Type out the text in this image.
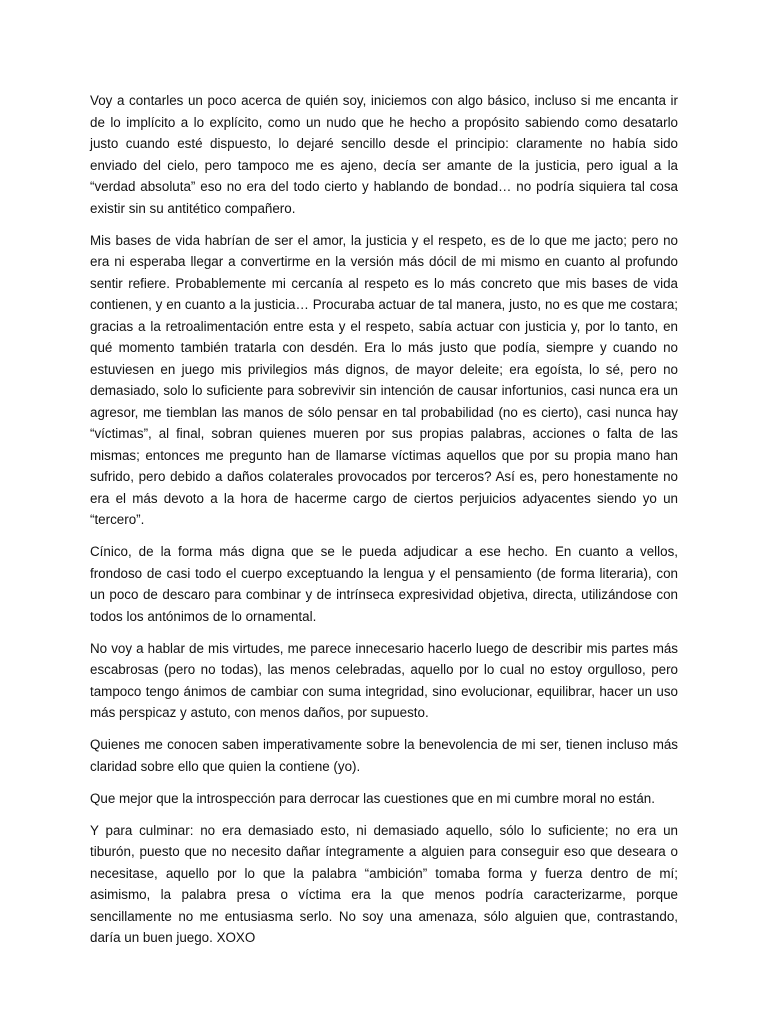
Voy a contarles un poco acerca de quién soy, iniciemos con algo básico, incluso si me encanta ir de lo implícito a lo explícito, como un nudo que he hecho a propósito sabiendo como desatarlo justo cuando esté dispuesto, lo dejaré sencillo desde el principio: claramente no había sido enviado del cielo, pero tampoco me es ajeno, decía ser amante de la justicia, pero igual a la “verdad absoluta” eso no era del todo cierto y hablando de bondad… no podría siquiera tal cosa existir sin su antitético compañero.

Mis bases de vida habrían de ser el amor, la justicia y el respeto, es de lo que me jacto; pero no era ni esperaba llegar a convertirme en la versión más dócil de mi mismo en cuanto al profundo sentir refiere. Probablemente mi cercanía al respeto es lo más concreto que mis bases de vida contienen, y en cuanto a la justicia… Procuraba actuar de tal manera, justo, no es que me costara; gracias a la retroalimentación entre esta y el respeto, sabía actuar con justicia y, por lo tanto, en qué momento también tratarla con desdén. Era lo más justo que podía, siempre y cuando no estuviesen en juego mis privilegios más dignos, de mayor deleite; era egoísta, lo sé, pero no demasiado, solo lo suficiente para sobrevivir sin intención de causar infortunios, casi nunca era un agresor, me tiemblan las manos de sólo pensar en tal probabilidad (no es cierto), casi nunca hay “víctimas”, al final, sobran quienes mueren por sus propias palabras, acciones o falta de las mismas; entonces me pregunto han de llamarse víctimas aquellos que por su propia mano han sufrido, pero debido a daños colaterales provocados por terceros? Así es, pero honestamente no era el más devoto a la hora de hacerme cargo de ciertos perjuicios adyacentes siendo yo un “tercero”.

Cínico, de la forma más digna que se le pueda adjudicar a ese hecho. En cuanto a vellos, frondoso de casi todo el cuerpo exceptuando la lengua y el pensamiento (de forma literaria), con un poco de descaro para combinar y de intrínseca expresividad objetiva, directa, utilizándose con todos los antónimos de lo ornamental.

No voy a hablar de mis virtudes, me parece innecesario hacerlo luego de describir mis partes más escabrosas (pero no todas), las menos celebradas, aquello por lo cual no estoy orgulloso, pero tampoco tengo ánimos de cambiar con suma integridad, sino evolucionar, equilibrar, hacer un uso más perspicaz y astuto, con menos daños, por supuesto.

Quienes me conocen saben imperativamente sobre la benevolencia de mi ser, tienen incluso más claridad sobre ello que quien la contiene (yo).

Que mejor que la introspección para derrocar las cuestiones que en mi cumbre moral no están.

Y para culminar: no era demasiado esto, ni demasiado aquello, sólo lo suficiente; no era un tiburón, puesto que no necesito dañar íntegramente a alguien para conseguir eso que deseara o necesitase, aquello por lo que la palabra “ambición” tomaba forma y fuerza dentro de mí; asimismo, la palabra presa o víctima era la que menos podría caracterizarme, porque sencillamente no me entusiasma serlo. No soy una amenaza, sólo alguien que, contrastando, daría un buen juego. XOXO
